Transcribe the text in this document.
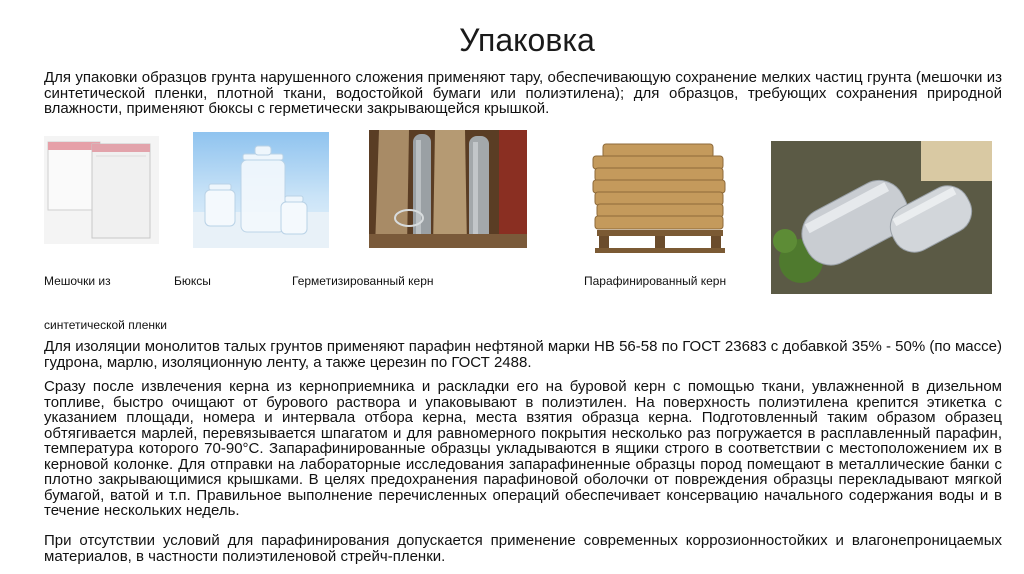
Упаковка
Для упаковки образцов грунта нарушенного сложения применяют тару, обеспечивающую сохранение мелких частиц грунта (мешочки из синтетической пленки, плотной ткани, водостойкой бумаги или полиэтилена); для образцов, требующих сохранения природной влажности, применяют бюксы с герметически закрывающейся крышкой.
Мешочки из	Бюксы	Герметизированный керн	Парафинированный керн
синтетической пленки
Для изоляции монолитов талых грунтов применяют парафин нефтяной марки НВ 56-58 по ГОСТ 23683 с добавкой 35% - 50% (по массе) гудрона, марлю, изоляционную ленту, а также церезин по ГОСТ 2488.
Сразу после извлечения керна из керноприемника и раскладки его на буровой керн с помощью ткани, увлажненной в дизельном топливе, быстро очищают от бурового раствора и упаковывают в полиэтилен. На поверхность полиэтилена крепится этикетка с указанием площади, номера и интервала отбора керна, места взятия образца керна. Подготовленный таким образом образец обтягивается марлей, перевязывается шпагатом и для равномерного покрытия несколько раз погружается в расплавленный парафин, температура которого 70-90°С. Запарафинированные образцы укладываются в ящики строго в соответствии с местоположением их в керновой колонке. Для отправки на лабораторные исследования запарафиненные образцы пород помещают в металлические банки с плотно закрывающимися крышками. В целях предохранения парафиновой оболочки от повреждения образцы перекладывают мягкой бумагой, ватой и т.п. Правильное выполнение перечисленных операций обеспечивает консервацию начального содержания воды и в течение нескольких недель.
При отсутствии условий для парафинирования допускается применение современных коррозионностойких и влагонепроницаемых материалов, в частности полиэтиленовой стрейч-пленки.
